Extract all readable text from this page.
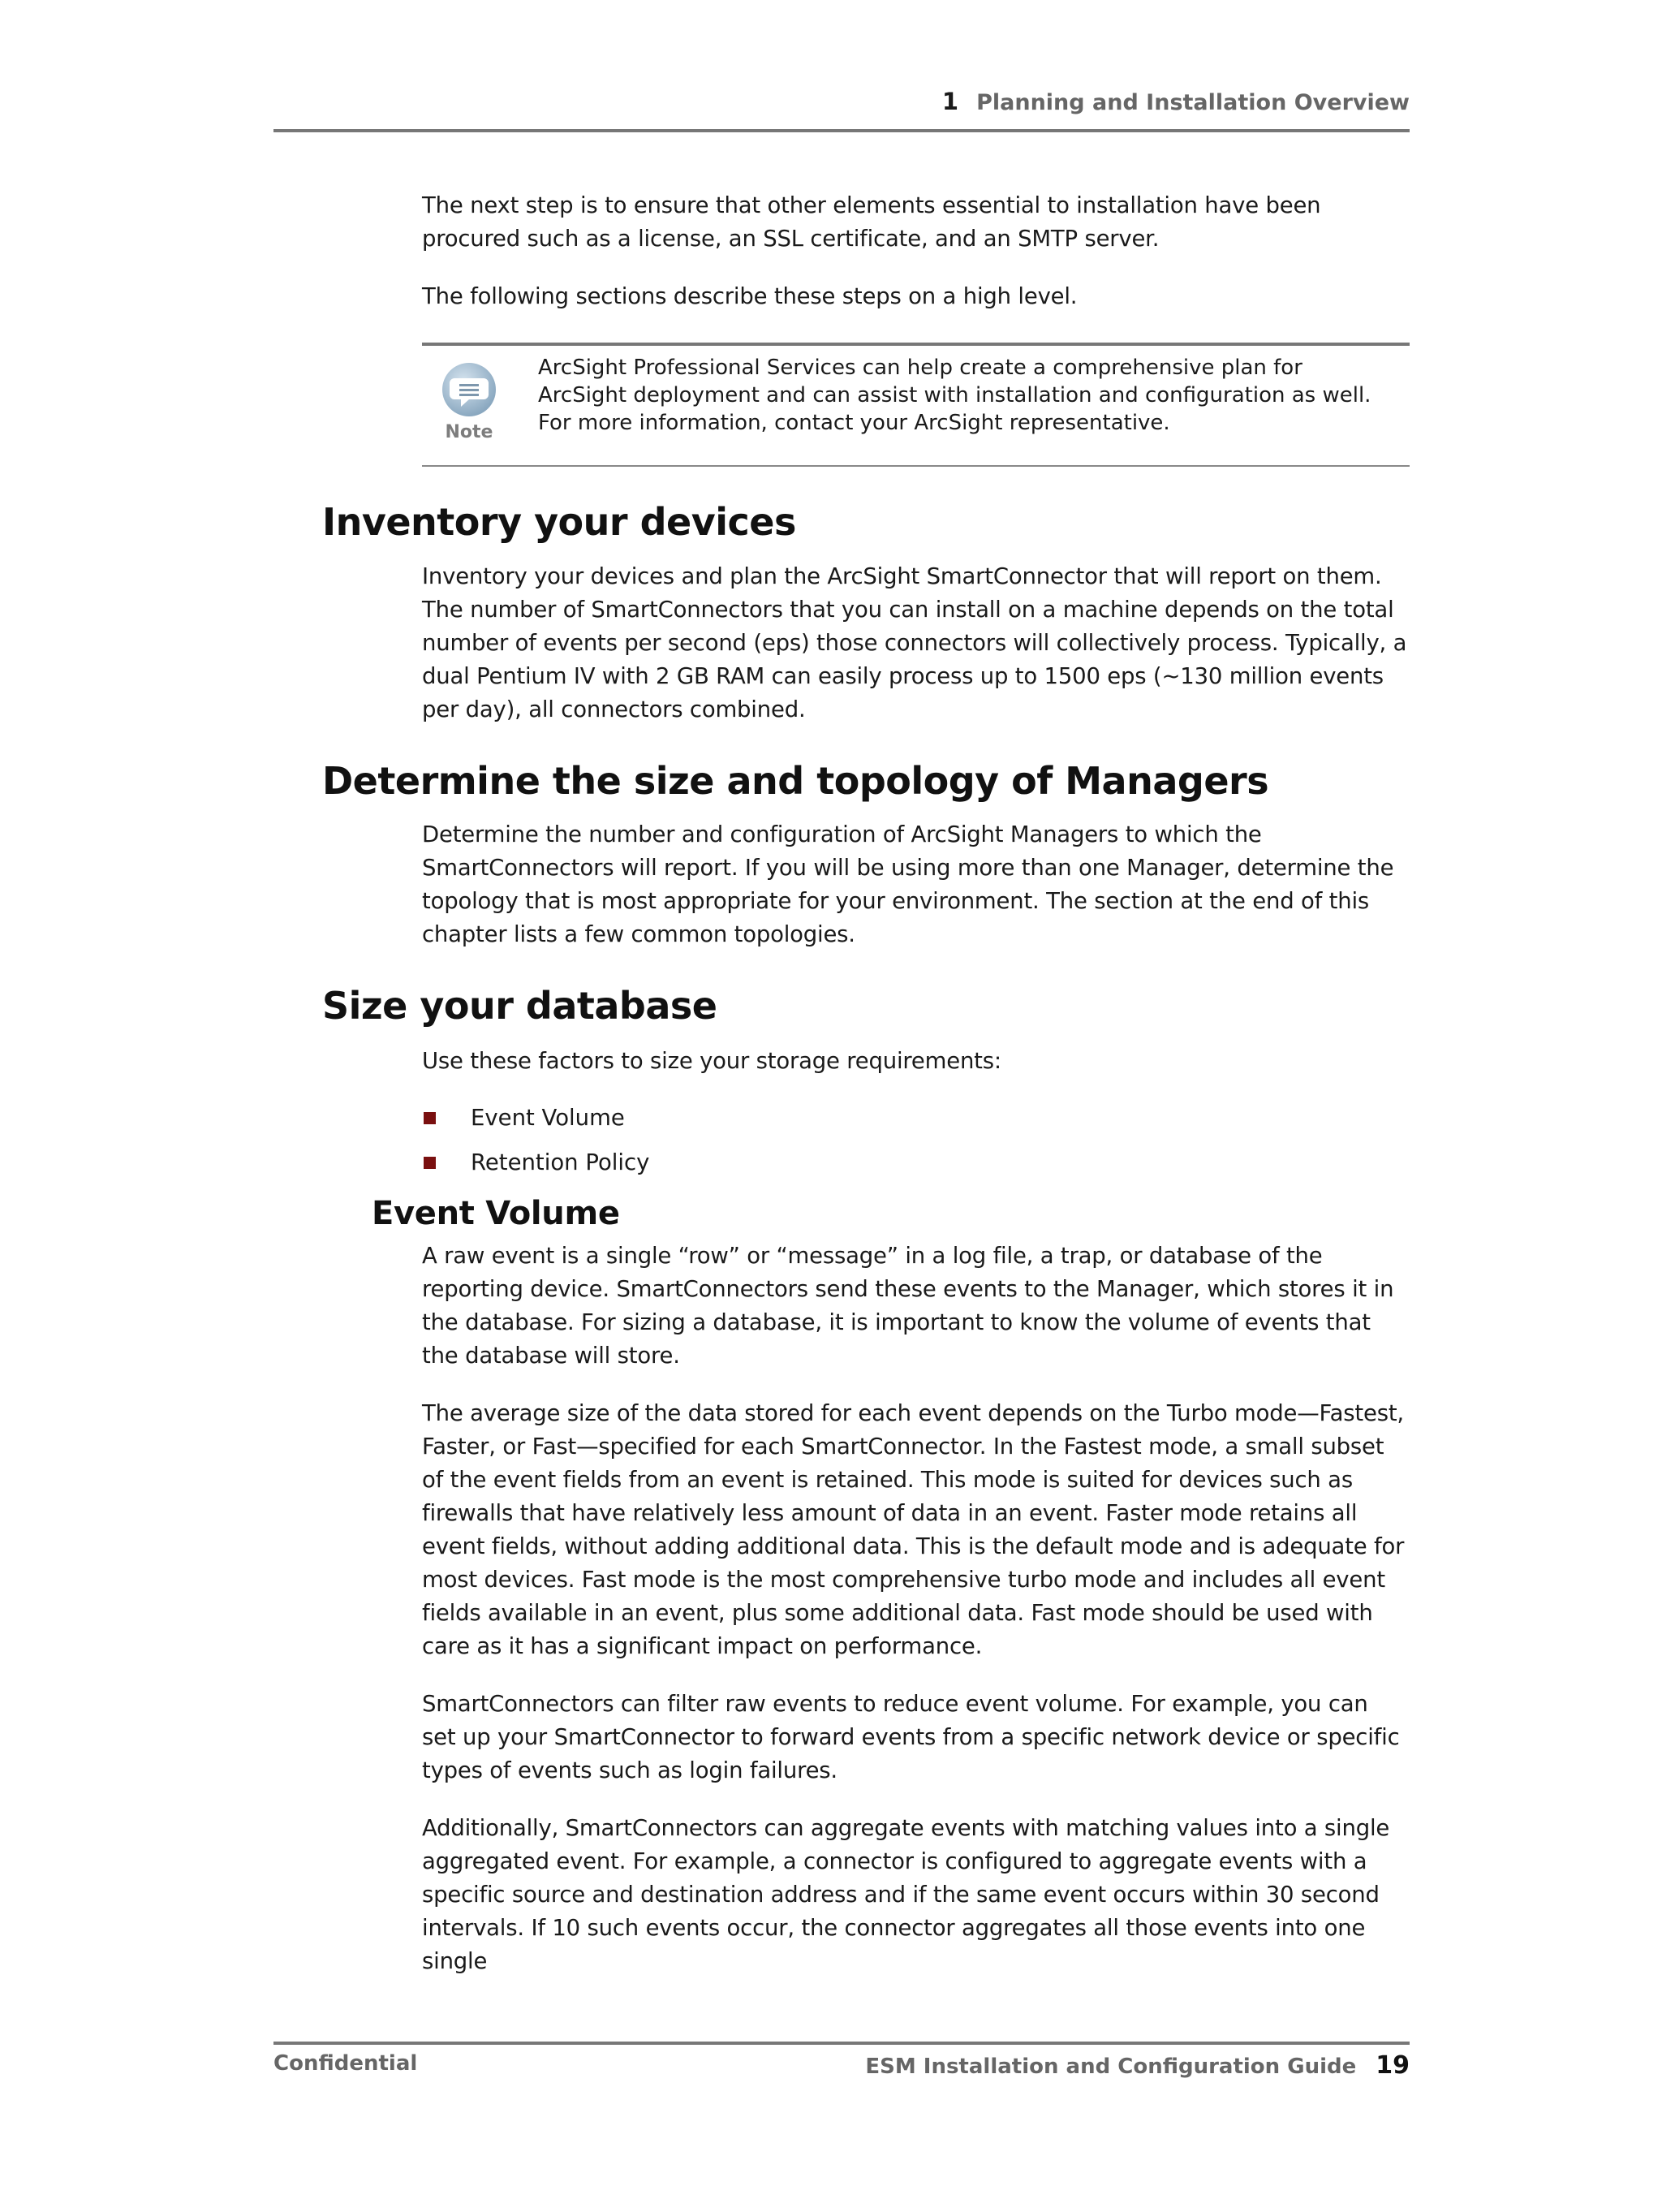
1 Planning and Installation Overview

The next step is to ensure that other elements essential to installation have been procured such as a license, an SSL certificate, and an SMTP server.

The following sections describe these steps on a high level.

Note
ArcSight Professional Services can help create a comprehensive plan for ArcSight deployment and can assist with installation and configuration as well. For more information, contact your ArcSight representative.
Inventory your devices

Inventory your devices and plan the ArcSight SmartConnector that will report on them. The number of SmartConnectors that you can install on a machine depends on the total number of events per second (eps) those connectors will collectively process. Typically, a dual Pentium IV with 2 GB RAM can easily process up to 1500 eps (~130 million events per day), all connectors combined.

Determine the size and topology of Managers

Determine the number and configuration of ArcSight Managers to which the SmartConnectors will report. If you will be using more than one Manager, determine the topology that is most appropriate for your environment. The section at the end of this chapter lists a few common topologies.

Size your database

Use these factors to size your storage requirements:

Event Volume
Retention Policy
Event Volume

A raw event is a single “row” or “message” in a log file, a trap, or database of the reporting device. SmartConnectors send these events to the Manager, which stores it in the database. For sizing a database, it is important to know the volume of events that the database will store.

The average size of the data stored for each event depends on the Turbo mode—Fastest, Faster, or Fast—specified for each SmartConnector. In the Fastest mode, a small subset of the event fields from an event is retained. This mode is suited for devices such as firewalls that have relatively less amount of data in an event. Faster mode retains all event fields, without adding additional data. This is the default mode and is adequate for most devices. Fast mode is the most comprehensive turbo mode and includes all event fields available in an event, plus some additional data. Fast mode should be used with care as it has a significant impact on performance.

SmartConnectors can filter raw events to reduce event volume. For example, you can set up your SmartConnector to forward events from a specific network device or specific types of events such as login failures.

Additionally, SmartConnectors can aggregate events with matching values into a single aggregated event. For example, a connector is configured to aggregate events with a specific source and destination address and if the same event occurs within 30 second intervals. If 10 such events occur, the connector aggregates all those events into one single

Confidential	ESM Installation and Configuration Guide 19
